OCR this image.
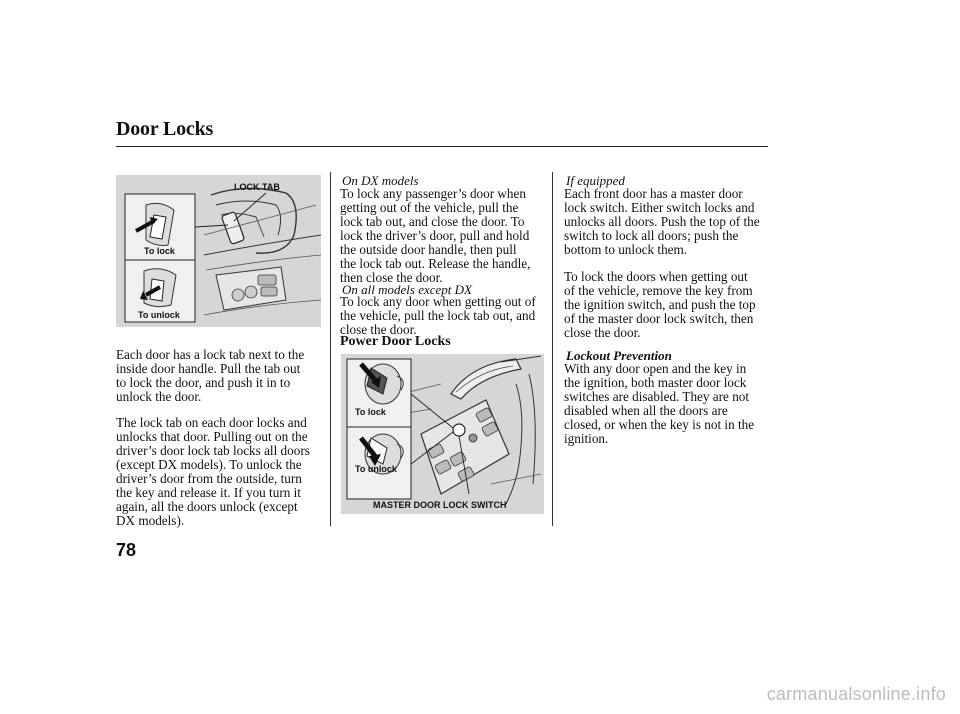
Door Locks
LOCK TAB
To lock
To unlock

Each door has a lock tab next to the
inside door handle. Pull the tab out
to lock the door, and push it in to
unlock the door.

The lock tab on each door locks and
unlocks that door. Pulling out on the
driver’s door lock tab locks all doors
(except DX models). To unlock the
driver’s door from the outside, turn
the key and release it. If you turn it
again, all the doors unlock (except
DX models).

On DX models

To lock any passenger’s door when
getting out of the vehicle, pull the
lock tab out, and close the door. To
lock the driver’s door, pull and hold
the outside door handle, then pull
the lock tab out. Release the handle,
then close the door.

On all models except DX

To lock any door when getting out of
the vehicle, pull the lock tab out, and
close the door.

Power Door Locks
To lock
To unlock
MASTER DOOR LOCK SWITCH
If equipped

Each front door has a master door
lock switch. Either switch locks and
unlocks all doors. Push the top of the
switch to lock all doors; push the
bottom to unlock them.

To lock the doors when getting out
of the vehicle, remove the key from
the ignition switch, and push the top
of the master door lock switch, then
close the door.

Lockout Prevention

With any door open and the key in
the ignition, both master door lock
switches are disabled. They are not
disabled when all the doors are
closed, or when the key is not in the
ignition.

78
carmanualsonline.info
